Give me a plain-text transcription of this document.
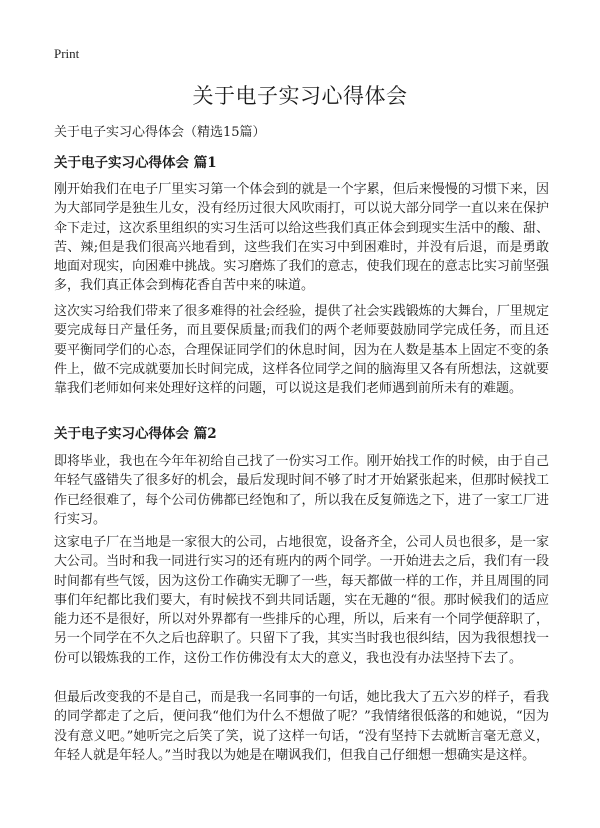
Print
关于电子实习心得体会

关于电子实习心得体会（精选15篇）

关于电子实习心得体会 篇1

刚开始我们在电子厂里实习第一个体会到的就是一个字累，但后来慢慢的习惯下来，因为大部同学是独生儿女，没有经历过很大风吹雨打，可以说大部分同学一直以来在保护伞下走过，这次系里组织的实习生活可以给这些我们真正体会到现实生活中的酸、甜、苦、辣;但是我们很高兴地看到，这些我们在实习中到困难时，并没有后退，而是勇敢地面对现实，向困难中挑战。实习磨炼了我们的意志，使我们现在的意志比实习前坚强多，我们真正体会到梅花香自苦中来的味道。

这次实习给我们带来了很多难得的社会经验，提供了社会实践锻炼的大舞台，厂里规定要完成每日产量任务，而且要保质量;而我们的两个老师要鼓励同学完成任务，而且还要平衡同学们的心态，合理保证同学们的休息时间，因为在人数是基本上固定不变的条件上，做不完成就要加长时间完成，这样各位同学之间的脑海里又各有所想法，这就要靠我们老师如何来处理好这样的问题，可以说这是我们老师遇到前所未有的难题。

关于电子实习心得体会 篇2

即将毕业，我也在今年年初给自己找了一份实习工作。刚开始找工作的时候，由于自己年轻气盛错失了很多好的机会，最后发现时间不够了时才开始紧张起来，但那时候找工作已经很难了，每个公司仿佛都已经饱和了，所以我在反复筛选之下，进了一家工厂进行实习。

这家电子厂在当地是一家很大的公司，占地很宽，设备齐全，公司人员也很多，是一家大公司。当时和我一同进行实习的还有班内的两个同学。一开始进去之后，我们有一段时间都有些气馁，因为这份工作确实无聊了一些，每天都做一样的工作，并且周围的同事们年纪都比我们要大，有时候找不到共同话题，实在无趣的“很。那时候我们的适应能力还不是很好，所以对外界都有一些排斥的心理，所以，后来有一个同学便辞职了，另一个同学在不久之后也辞职了。只留下了我，其实当时我也很纠结，因为我很想找一份可以锻炼我的工作，这份工作仿佛没有太大的意义，我也没有办法坚持下去了。

但最后改变我的不是自己，而是我一名同事的一句话，她比我大了五六岁的样子，看我的同学都走了之后，便问我“他们为什么不想做了呢？”我情绪很低落的和她说，“因为没有意义吧。”她听完之后笑了笑，说了这样一句话，“没有坚持下去就断言毫无意义，年轻人就是年轻人。”当时我以为她是在嘲讽我们，但我自己仔细想一想确实是这样。
